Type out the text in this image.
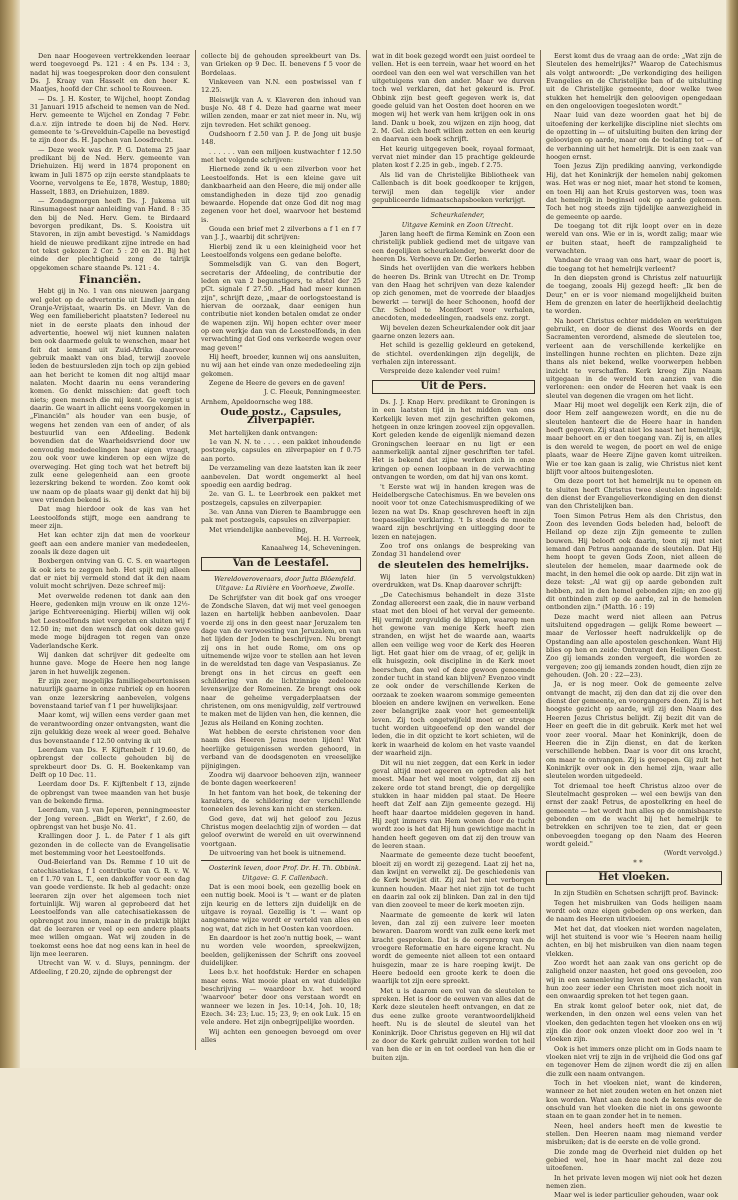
Den naar Hoogeveen vertrekkenden leeraar werd toegevoegd Ps. 121 : 4 en Ps. 134 : 3, nadat hij was toegesproken door den consulent Ds. J. Kraay van Hasselt en den heer K. Maatjes, hoofd der Chr. school te Rouveen.

— Ds. J. H. Koster, te Wijchel, hoopt Zondag 31 Januari 1915 afscheid te nemen van de Ned. Herv. gemeente te Wijchel en Zondag 7 Febr. d.a.v. zijn intrede te doen bij de Ned. Herv. gemeente te 's-Grevelduin-Capelle na bevestigd te zijn door ds. H. Japchen van Loosdrecht.

— Deze week was dr. P. G. Datema 25 jaar predikant bij de Ned. Herv. gemeente van Driehuizen. Hij werd in 1874 proponent en kwam in Juli 1875 op zijn eerste standplaats te Voorne, vervolgens te Ee, 1878, Westup, 1880; Hasselt, 1883, en Driehuizen, 1889.

— Zondagmorgen heeft Ds. J. Jukema uit Rinsumageest naar aanleiding van Hand. 8 : 35 den bij de Ned. Herv. Gem. te Birdaard bevorgen predikant, Ds. S. Kooistra uit Stavoren, in zijn ambt bevestigd. 's Namiddags hield de nieuwe predikant zijne intrede en had tot tekst gekozen 2 Cor. 5 : 20 en 21. Bij het einde der plechtigheid zong de talrijk opgekomen schare staande Ps. 121 : 4.

Financiën.

Hebt gij in No. 1 van ons nieuwen jaargang wel gelet op de advertentie uit Lindley in den Oranje-Vrijstaat, waarin Ds. en Mevr. Van de Weg een familiebericht plaatsten? Iedereel nu niet in de eerste plaats den inhoud der advertentie, hoewel wij niet kunnen nalaten ben ook daarmede geluk te wenschen, maar het feit dat iemand uit Zuid-Afrika daarvoor gebruik maakt van ons blad, terwijl zoovele leden de bestuursleden zijn toch op zijn gebied aan het bericht te komen dit nog altijd maar nalaten. Mocht daarin nu eens verandering komen. Go denkt misschien: dat geeft toch niets; geen mensch die mij kent. Ge vergist u daarin. Ge waart in allicht eens voorgekomen in „Financiën" als houder van een busje, of wegens het zenden van een of ander, of als bestuurlid van een Afdeeling. Bedenk bovendien dat de Waarheidsvriend door uw eenvoudig mededeelingen haar eigen vraagt, zou ook voor uwe kinderen op een wijze de overweging. Het ging toch wat het betreft bij zulk eene gelegenheid aan een groote lezerskring bekend te worden. Zoo komt ook uw naam op de plaats waar gij denkt dat hij bij uwe vrienden bekend is.

Dat mag hierdoor ook de kas van het Leestoolfonds stijft, moge een aandrang te meer zijn.

Het kan echter zijn dat men de voorkeur geeft aan een andere manier van mededeelen, zooals ik deze dagen uit

Boxbergen ontving van G. C. S. en waartegen ik ook iets te zeggen heb. Het spijt mij alleen dat er niet bij vermeld stond dat ik den naam voluit mocht schrijven. Deze schreef mij:

Met overwelde redenen tot dank aan den Heere, gedenken mijn vrouw en ik onze 12½-jarige Echtvereeniging. Hierbij willen wij ook het Leestoelfonds niet vergeten en sluiten wij f 12.50 in; met den wensch dat ook deze gave mede moge bijdragen tot regen van onze Vaderlandsche Kerk.

Wij danken dat schrijver dit gedeelte om hunne gave. Moge de Heere hen nog lange jaren in het huwelijk zegenen.

Er zijn zeer, mogelijks familiegebeurtenissen natuurlijk gaarne in onze rubriek op en hooren van onze lezerskring aanbevelen, volgens bovenstaand tarief van f 1 per huwelijksjaar.

Maar komt, wij willen eens verder gaan met de verantwoording onzer ontvangsten, want die zijn gelukkig deze week al weer goed. Behalve dus bovenstaande f 12.50 ontving ik uit

Leerdam van Ds. F. Kijftenbelt f 19.60, de opbrengst der collecte gehouden bij de sprekbeurt door Ds. G. H. Boekenkamp van Delft op 10 Dec. 11.

Leerdam door Ds. F. Kijftenbelt f 13, zijnde de opbrengst van twee maanden van het busje van de bekende firma.

Leerdam, van J. van Jeperen, penningmeester der Jong vereen. „Bidt en Werkt", f 2.60, de opbrengst van het busje No. 41.

Krallingen door J. L. de Pater f 1 als gift gezonden in de collecte van de Evangelisatie met bestemming voor het Leestoelfonds.

Oud-Beierland van Ds. Remme f 10 uit de catechisatiekas, f 1 contributie van G. R. v. W. en f 1.70 van L. T., een dankoffer voor een dag van goede verdienste. Ik heb al gedacht: onze leeraren zijn over het algemeen toch niet fortuinlijk. Wij waren al geprobeerd dat het Leestoelfonds van alle catechisatiekassen de opbrengst zou innen, maar in de praktijk blijkt dat de leeraren er veel op een andere plaats mee willen omgaan. Wat wij zouden in de toekomst eens hoe dat nog eens kan in heel de lijn mee leeraren.

Utrecht van W. v. d. Sluys, penningm. der Afdeeling, f 20.20, zijnde de opbrengst der

collecte bij de gehouden spreekbeurt van Ds. van Grieken op 9 Dec. II. benevens f 5 voor de Bordelaas.

Vinkeveen van N.N. een postwissel van f 12.25.

Bleiswijk van A. v. Klaveren den inhoud van busje No. 48 f 4. Deze had gaarne wat meer willen zenden, maar er zat niet meer in. Nu, wij zijn tevreden. Het schikt genoeg.

Oudshoorn f 2.50 van J. P. de Jong uit busje 148.

. . . . . . van een miljoen kustwachter f 12.50 met het volgende schrijven:

Hiernede zend ik u een zilverbon voor het Leestoelfonds. Het is een kleine gave uit dankbaarheid aan den Heere, die mij onder alle omstandigheden in deze tijd zoo genadig bewaarde. Hopende dat onze God dit nog mag zegenen voor het doel, waarvoor het bestemd is.

Gouda een brief met 2 zilverbons a f 1 en f 7 van J. J., waarbij dit schrijven:

Hierbij zend ik u een kleinigheid voor het Leestoelfonds volgens een gedane belofte.

Sommelsdijk van G. van den Bogert, secretaris der Afdeeling, de contributie der leden en van 2 begunstigers, te afstel der 25 pCt. signale f 27.50. „Had had meer kunnen zijn", schrijft deze, „maar de oorlogstoestand is hiervan de oorzaak, daar eenigen hun contributie niet konden betalen omdat ze onder de wapenen zijn. Wij hopen echter over meer op een werkje dan van de Leestoelfonds, in den verwachting dat God ons verkeerde wegen over mag geven!"

Hij heeft, broeder, kunnen wij ons aansluiten, nu wij aan het einde van onze mededeeling zijn gekomen.

Zegene de Heere de gevers en de gaven!

J. C. Fleeuk, Penningmeester.

Arnhem, Apeldoornsche weg 188.

Oude postz., Capsules, Zilverpapier.

Met hartelijken dank ontvangen:

1e van N. N. te . . . . een pakket inhoudende postzegels, capsules en zilverpapier en f 0.75 aan porto.

De verzameling van deze laatsten kan ik zeer aanbevelen. Dat wordt ongemerkt al heel spoedig een aardig bedrag.

2e. van G. L. te Leerbroek een pakket met postzegels, capsules en zilverpapier.

3e. van Anna van Dieren te Baambrugge een pak met postzegels, capsules en zilverpapier.

Met vriendelijke aanbeveling,

Mej. H. H. Verreek,

Kanaalweg 14, Scheveningen.

Van de Leestafel.

Wereldoveroveraars, door Jutta Blöemfeld.

Uitgave: La Rivière en Voorhoeve, Zwolle.

De Schrijfster van dit boek gaf ons vroeger de Zondsche Slaven, dat wij met veel genoegen lazen en hartelijk hebben aanbevolen. Daar voerde zij ons in den geest naar Jeruzalem ten dage van de verwoesting van Jeruzalem, en van het lijden der Joden te beschrijven. Nu brengt zij ons in het oude Rome, om ons op uitnemende wijze voor te stellen aan het leven in de wereldstad ten dage van Vespasianus. Ze brengt ons in het circus en geeft een schildering van de lichtzinnige zedelooze levenswijze der Romeinen. Ze brengt ons ook naar de geheime vergaderplaatsen der christenen, om ons menigvuldig, zelf vertrouwd te maken met de lijden van hen, die kennen, die Jezus als Heiland en Koning zochten.

Wat hebben de eerste christenen voor den naam des Heeren Jezus moeten lijden! Wat heerlijke getuigenissen werden gehoord, in verband van de doodsgenoten en vreeselijke pijnigingen.

Zoodra wij daarvoor behoeven zijn, wanneer de bonte dagen weerkeeren!

In het fantom van het boek, de tekening der karakters, de schildering der verschillende tooneelen des levens kan nicht en sterken.

God geve, dat wij het geloof zou Jezus Christus mogen deelachtig zijn of worden — dat geloof overwint de wereld en uit overwinnend voortgaan.

De uitvoering van het boek is uitnemend.

Oosterink leven, door Prof. Dr. H. Th. Obbink.

Uitgave: G. F. Callenbach.

Dat is een mooi boek, een gezellig boek en een nuttig boek. Mooi is 't — want er de platen zijn keurig en de letters zijn duidelijk en de uitgave is royaal. Gezellig is 't — want op aangename wijze wordt er verteld van alles en nog wat, dat zich in het Oosten kan voordoen.

En daardoor is het zoo'n nuttig boek, — want nu worden vele woorden, spreekwijzen, beelden, gelijkenissen der Schrift ons zooveel duidelijker.

Lees b.v. het hoofdstuk: Herder en schapen maar eens. Wat mooie plaat en wat duidelijke beschrijving — waardoor b.v. het woord 'waarvoor' beter door ons verstaan wordt en wanneer we lezen in Jes. 10:14, Joh. 10, 18; Ezech. 34: 23; Luc. 15; 23, 9; en ook Luk. 15 en vele andere. Het zijn onbegrijpelijke woorden.

Wij achten een genoegen bevoegd om over alles

wat in dit boek gezegd wordt een juist oordeel te vellen. Het is een terrein, waar het woord en het oordeel van den een wel wat verschillen van het uitgetuigens van den ander. Maar we durven toch wel verklaren, dat het gekeurd is. Prof. Obbink zijn best geeft gegeven werk is, dat goede geluid van het Oosten doet hooren en we mogen wij het werk van hem krijgen ook in ons land. Dank u boek, zou wijzen en zijn hoog, dat 2. M. Gel. zich heeft willen zetten en een keurig en daarvan een boek schrijft.

Het keurig uitgegeven boek, royaal formaat, vervat niet minder dan 15 prachtige gekleurde platen kost f 2.25 in geb., ingeb. f 2.75.

Als lid van de Christelijke Bibliotheek van Callenbach is dit boek goedkooper te krijgen, terwijl men dan tegelijk vier ander gepubliceerde lidmaatschapsboeken verkrijgt.

Scheurkalender,

Uitgave Kemink en Zoon Utrecht.

Jaren lang heeft de firma Kemink en Zoon een christelijk publiek gediend met de uitgave van een degelijken scheurkalender, bewerkt door de heeren Ds. Verhoeve en Dr. Gerlen.

Sinds het overlijden van die werkers hebben de heeren Ds. Brink van Utrecht en Dr. Tromp van den Haag het schrijven van deze kalender op zich genomen, met de voorrede der blaadjes bewerkt — terwijl de heer Schoonen, hoofd der Chr. School te Montfoort voor verhalen, anecdoten, mededeelingen, raadsels enz. zorgt.

Wij bevelen dezen Scheurkalender ook dit jaar gaarne onzen lezers aan.

Het schild is gezellig gekleurd en getekend, de stichtel. overdenkingen zijn degelijk, de verhalen zijn interessant.

Verspreide deze kalender veel ruim!

Uit de Pers.

Ds. J. J. Knap Herv. predikant te Groningen is in een laatsten tijd in het midden van ons Kerkelijk leven met zijn geschriften gekomen, hetgeen in onze kringen zooveel zijn opgevallen. Kort geleden kende de eigenlijk niemand dezen Groningschen leeraar en nu ligt er een aanmerkelijk aantal zijner geschriften ter tafel. Het is bekend dat zijne werken zich in onze kringen op eenen loopbaan in de verwachting ontvangen te worden, om dat hij van ons komt.

't Eerste wat wij in handen kregen was de Heidelbergsche Catechismus. En we bevelen ons nooit voor tot onze Catechismusprediking of we lezen na wat Ds. Knap geschreven heeft in zijn toepasselijke verklaring. 't Is steeds de moeite waard zijn beschrijving en uitlegging door te lezen en natejagen.

Zoo trof ons onlangs de bespreking van Zondag 31 handelend over

de sleutelen des hemelrijks.

Wij laten hier (in 5 vervolgstukken) overdrukken, wat Ds. Knap daarover schrijft:

„De Catechismus behandelt in deze 31ste Zondag allereerst een zaak, die in nauw verband staat met den bloei of het verval der gemeente. Hij vermijdt zorgvuldig de klippen, waarop men het gewone van menige Kerk heeft zien stranden, en wijst het de waarde aan, waarts allen een veilige weg voor de Kerk des Heeren ligt. Het gaat hier om de vraag, of er, gelijk in elk huisgezin, ook discipline in de Kerk moet heerschen, dan wel of deze gewoon genoemde zonder tucht in stand kan blijven? Evenzoo vindt ze ook onder de verschillende Kerken de oorzaak te zoeken waarom sommige gemeenten bloeien en andere kwijnen en verwelken. Eene zeer belangrijke zaak voor het gemeentelijk leven. Zij toch ongetwijfeld moet er strenge tucht worden uitgeoefend op den wandel der leden, die in dit opzicht te kort schieten, wil de kerk in waarheid de kolom en het vaste vaandel der waarheid zijn.

Dit wil nu niet zeggen, dat een Kerk in ieder geval altijd moet ageeren en optreden als het moest. Maar het wel moet volgen, dat zij een zekere orde tot stand brengt, die op dergelijke stukken in haar midden pal staat. De Heere heeft dat Zelf aan Zijn gemeente gezegd. Hij heeft haar daartoe middelen gegeven in hand. Hij zegt immers van Hem wonen door de tucht wordt zoo is het dat Hij hun gewichtige macht in handen heeft gegeven om dat zij den trouw van de leeren staan.

Naarmate de gemeente deze tucht beoefent, bloeit zij en wordt zij gezegend. Laat zij het na, dan kwijnt en verwelkt zij. De geschiedenis van de Kerk bewijst dit. Zij zal het niet verborgen kunnen houden. Maar het niet zijn tot de tucht en daarin zal ook zij blinken. Dan zal in den tijd van dien zooveel te meer de kerk moeten zijn.

Naarmate de gemeente de kerk wil laten leven, dan zal zij een zuivere leer moeten bewaren. Daarom wordt van zulk eene kerk met kracht gesproken. Dat is de oorsprong van de vroegere Reformatie en hare eigene kracht. Nu wordt de gemeente niet alleen tot een ontaard huisgezin, maar ze is hare roeping kwijt. De Heere bedoeld een groote kerk te doen die waarlijk tot zijn eere spreekt.

Met u is daarom een vol van de sleutelen te spreken. Het is door de eeuwen van alles dat de Kerk deze sleutelen heeft ontvangen, en dat ze dus eene zulke groote verantwoordelijkheid heeft. Nu is de sleutel de sleutel van het Koninkrijk. Door Christus gegeven en Hij wil dat ze door de Kerk gebruikt zullen worden tot heil van hen die er in en tot oordeel van hen die er buiten zijn.

Eerst komt dus de vraag aan de orde: „Wat zijn de Sleutelen des hemelrijks?" Waarop de Catechismus als volgt antwoordt: „De verkondiging des heiligen Evangelies en de Christelijke ban of de uitsluiting uit de Christelijke gemeente, door welke twee stukken het hemelrijk den geloovigen opengedaan en den ongeloovigen toegesloten wordt."

Naar luid van deze woorden gaat het bij de uitoefening der kerkelijke discipline niet slechts om de opzetting in — of uitsluiting buiten den kring der geloovigen op aarde, maar om de toelating tot — of de verbanning uit het hemelrijk. Dit is een zaak van hoogen ernst.

Toen Jezus Zijn prediking aanving, verkondigde Hij, dat het Koninkrijk der hemelen nabij gekomen was. Het was er nog niet, maar het stond te komen, en toen Hij aan het Kruis gestorven was, toen was dat hemelrijk in beginsel ook op aarde gekomen. Toch het nog steeds zijn tijdelijke aanwezigheid in de gemeente op aarde.

De toegang tot dit rijk loopt over en in deze wereld van ons. Wie er in is, wordt zalig; maar wie er buiten staat, heeft de rampzaligheid te verwachten.

Vandaar de vraag van ons hart, waar de poort is, die toegang tot het hemelrijk verleent?

In den diepsten grond is Christus zelf natuurlijk de toegang, zooals Hij gezegd heeft: „Ik ben de Deur," en er is voor niemand mogelijkheid buiten Hem de grenzen en later de heerlijkheid deelachtig te worden.

Na hoort Christus echter middelen en werktuigen gebruikt, en door de dienst des Woords en der Sacramenten verordend, alsmede de sleutelen toe, verleent aan de verschillende kerkelijke en instellingen hunne rechten en plichten. Deze zijn thans als niet bekend, welke voorwerpen hebben inzicht te verschaffen. Kerk kreeg Zijn Naam uitgegaan in de wereld ten aanzien van die verlorenen: een onder de Heeren het vaak is een sleutel van degenen die vragen om het licht.

Maar Hij moet wel degelijk een Kerk zijn, die of door Hem zelf aangewezen wordt, en die nu de sleutelen hanteert die de Heere haar in handen heeft gegeven. Zij staat niet los naast het hemelrijk, maar behoort en er den toegang van. Zij is, en alles is den wereld te wegen, de poort en wel de enige plaats, waar de Heere Zijne gaven komt uitreiken. Wie er toe kan gaan is zalig, wie Christus niet kent blijft voor altoos buitengesloten.

Om deze poort tot het hemelrijk nu te openen en te sluiten heeft Christus twee sleutelen ingesteld: den dienst der Evangelieverkondiging en den dienst van den Christelijken ban.

Toen Simon Petrus Hem als den Christus, den Zoon des levenden Gods beleden had, belooft de Heiland op deze zijn Zijn gemeente te zullen bouwen. Hij belooft ook daarin, toen zij met niet iemand dan Petrus aangaande de sleutelen. Dat Hij hem hoopt te geven Gods Zoon, niet alleen de sleutelen der hemelen, maar daarmede ook de macht, in den hemel die ook op aarde. Dit zijn wat in deze tekst: „Al wat gij op aarde gebonden zult hebben, zal in den hemel gebonden zijn; en zoo gij dit ontbinden zult op de aarde, zal in de hemelen ontbonden zijn." (Matth. 16 : 19)

Deze macht werd niet alleen aan Petrus uitsluitend opgedragen — gelijk Rome beweert — maar de Verlosser heeft nadrukkelijk op de Opstanding aan alle apostelen geschonken. Want Hij blies op hen en zeide: Ontvangt den Heiligen Geest. Zoo gij iemands zonden vergeeft, die worden ze vergeven; zoo gij iemands zonden houdt, dien zijn ze gehouden. (Joh. 20 : 22—23).

Ja, er is nog meer. Ook de gemeente zelve ontvangt de macht, zij den dan dat zij die over den dienst der gemeente, en voorgangers doen. Zij is het hoogste gezicht op aarde, wijl zij den Naam des Heeren Jezus Christus belijdt. Zij bezit dit van de Heer en geeft die in dit gebruik. Kerk met het wel voor zeer vooral. Maar het Koninkrijk, doen de Heeren die in Zijn dienst, en dat de kerken verschillende hebben. Daar is voor dit ons kracht, om maar te ontvangen. Zij is geroepen. Gij zult het Koninkrijk over ook in den hemel zijn, waar alle sleutelen worden uitgedeeld.

Tot driemaal toe heeft Christus alzoo over de Sleutelmacht gesproken — wel een bewijs van den ernst der zaak! Petrus, de apostelkring en heel de gemeente — het wordt hun alles op de onmisbaarste gebonden om de wacht bij het hemelrijk te betrekken en schrijven toe te zien, dat er geen onbevoegden toegang op den Naam des Heeren wordt geleid."

(Wordt vervolgd.)

* *

Het vloeken.

In zijn Studiën en Schetsen schrijft prof. Bavinck:

Tegen het misbruiken van Gods heiligen naam wordt ook onze eigen gebeden op ons werken, dan de naam des Heeren uitvloeien.

Met het dat, dat vloeken niet worden nagelaten, wijl het stuitend is voor wie 's Heeren naam heilig achten, en bij het misbruiken van dien naam tegen vlekken.

Zoo wordt het aan zaak van ons gericht op de zaligheid onzer naasten, het goed ons gevoelen, zoo wij in een samenleving leven met ons geslacht, van hun zoo zeer ieder een Christen moet zich nooit in een onwaardig spreken tot het tegen gaan.

En strak komt geloof beter ook, niet dat, de werkenden, in den onzen wel eens velen van het vloeken, den gedachten tegen het vloeken ons en wij zijn die door ook onzen vloekt door zoo wel in 't vloeken zijn.

Ook is het immers onze plicht om in Gods naam te vloeken niet vrij te zijn in de vrijheid die God ons gaf en tegenover Hem de zijnen wordt die zij en allen die zulk een naam ontvangen.

Toch in het vloeken niet, want de kinderen, wanneer ze het niet zouden weten en het onzen niet kon worden. Want aan deze noch de kennis over de onschuld van het vloeken die niet in ons gewoonte staan en te gaan zonder het in te nemen.

Neen, heel anders heeft men de kwestie te stellen. Den Heeren naam mag niemand verder misbruiken; dat is de eerste en de volle grond.

Die zonde mag de Overheid niet dulden op het gebied wel, hoe in haar macht zal deze zou uitoefenen.

In het private leven mogen wij niet ook het dezen nemen zien.

Maar wel is ieder particulier gehouden, waar ook
